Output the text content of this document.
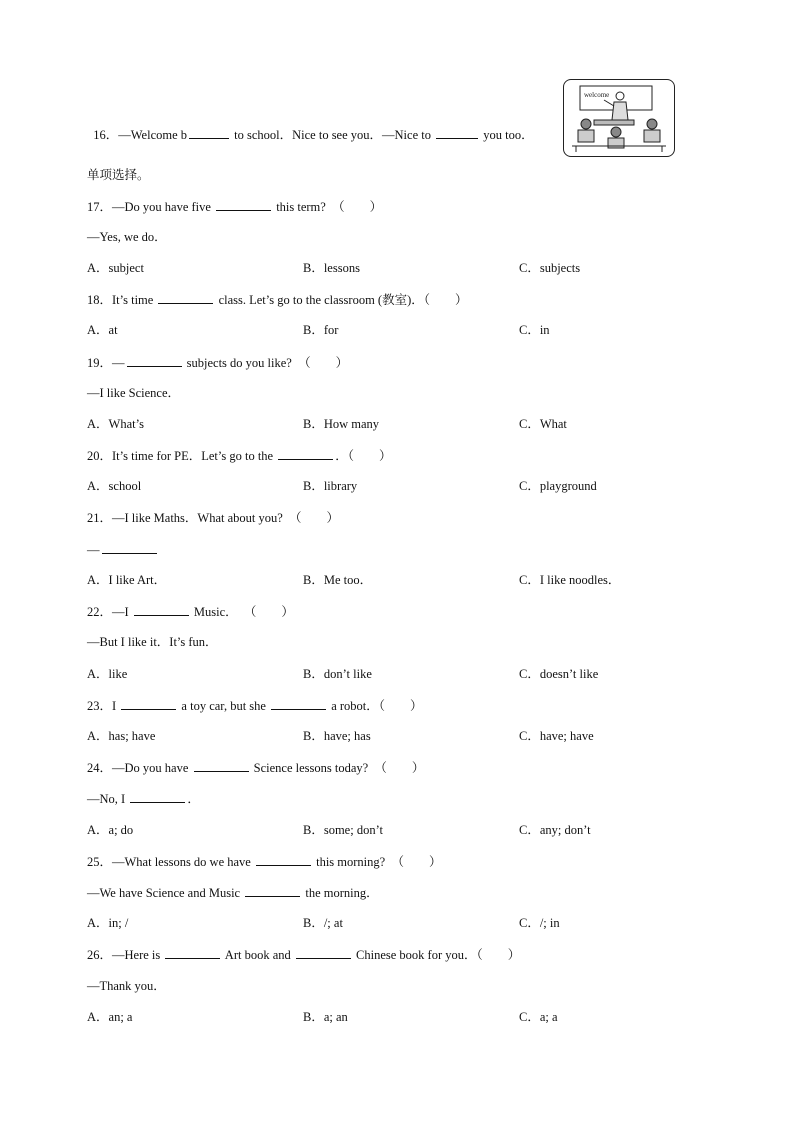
16．—Welcome b	to school．Nice to see you．—Nice to	you too．

welcome
单项选择。
17．—Do you have five	this term?  （        ）
—Yes, we do．
A．subject	B．lessons	C．subjects
18．It’s time	class. Let’s go to the classroom (教室)．（        ）
A．at	B．for	C．in
19．—	subjects do you like?  （        ）
—I like Science．
A．What’s	B．How many	C．What
20．It’s time for PE．Let’s go to the	．（        ）
A．school	B．library	C．playground
21．—I like Maths．What about you?  （        ）
—
A．I like Art．	B．Me too．	C．I like noodles．
22．—I	Music．  （        ）
—But I like it．It’s fun．
A．like	B．don’t like	C．doesn’t like
23．I	a toy car, but she	a robot．（        ）
A．has; have	B．have; has	C．have; have
24．—Do you have	Science lessons today?  （        ）
—No, I	．
A．a; do	B．some; don’t	C．any; don’t
25．—What lessons do we have	this morning?  （        ）
—We have Science and Music	the morning．
A．in; /	B．/; at	C．/; in
26．—Here is	Art book and	Chinese book for you．（        ）
—Thank you．
A．an; a	B．a; an	C．a; a
